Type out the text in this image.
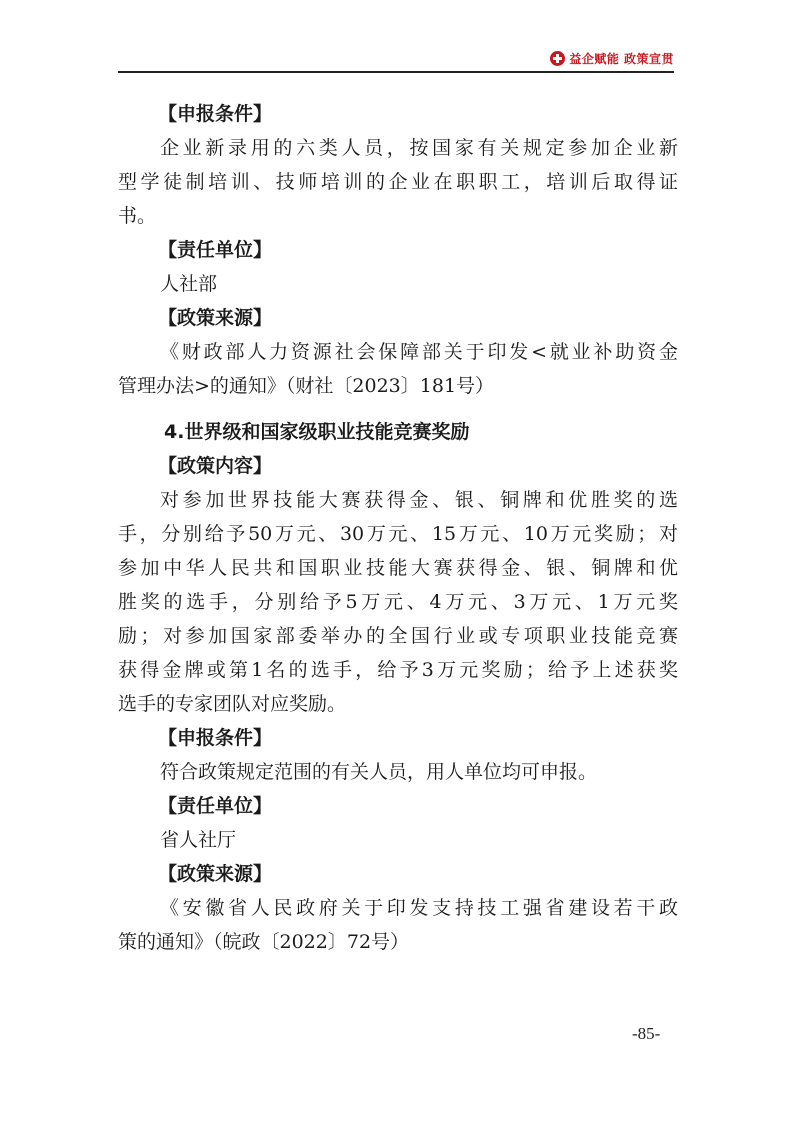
益企赋能 政策宣贯
【申报条件】
企业新录用的六类人员，按国家有关规定参加企业新
型学徒制培训、技师培训的企业在职职工，培训后取得证
书。
【责任单位】
人社部
【政策来源】
《财政部人力资源社会保障部关于印发<就业补助资金
管理办法>的通知》（财社〔2023〕181号）
4.世界级和国家级职业技能竞赛奖励
【政策内容】
对参加世界技能大赛获得金、银、铜牌和优胜奖的选
手，分别给予50万元、30万元、15万元、10万元奖励；对
参加中华人民共和国职业技能大赛获得金、银、铜牌和优
胜奖的选手，分别给予5万元、4万元、3万元、1万元奖
励；对参加国家部委举办的全国行业或专项职业技能竞赛
获得金牌或第1名的选手，给予3万元奖励；给予上述获奖
选手的专家团队对应奖励。
【申报条件】
符合政策规定范围的有关人员，用人单位均可申报。
【责任单位】
省人社厅
【政策来源】
《安徽省人民政府关于印发支持技工强省建设若干政
策的通知》（皖政〔2022〕72号）
-85-
